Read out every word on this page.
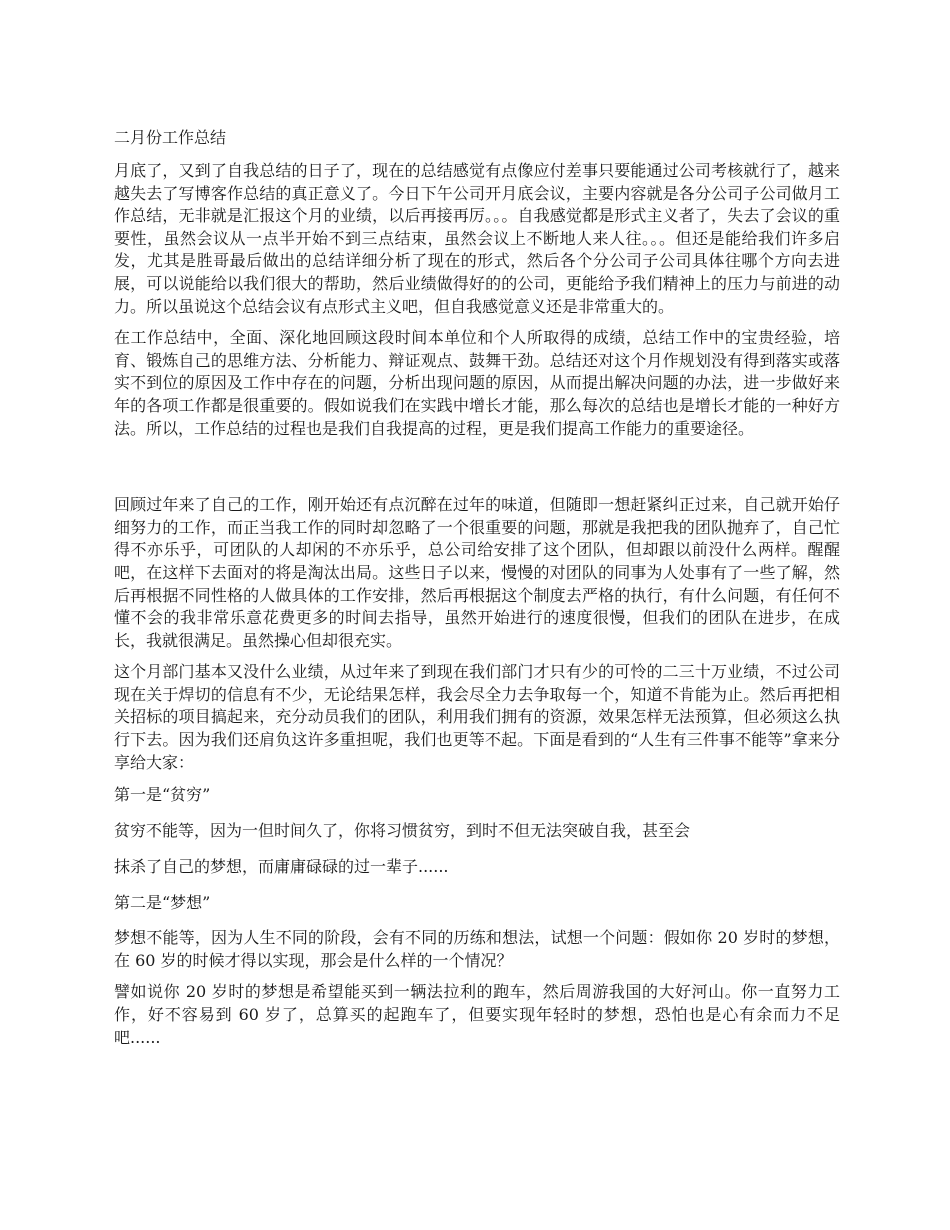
二月份工作总结

月底了，又到了自我总结的日子了，现在的总结感觉有点像应付差事只要能通过公司考核就行了，越来越失去了写博客作总结的真正意义了。今日下午公司开月底会议，主要内容就是各分公司子公司做月工作总结，无非就是汇报这个月的业绩，以后再接再厉。。。自我感觉都是形式主义者了，失去了会议的重要性，虽然会议从一点半开始不到三点结束，虽然会议上不断地人来人往。。。但还是能给我们许多启发，尤其是胜哥最后做出的总结详细分析了现在的形式，然后各个分公司子公司具体往哪个方向去进展，可以说能给以我们很大的帮助，然后业绩做得好的的公司，更能给予我们精神上的压力与前进的动力。所以虽说这个总结会议有点形式主义吧，但自我感觉意义还是非常重大的。

在工作总结中，全面、深化地回顾这段时间本单位和个人所取得的成绩，总结工作中的宝贵经验，培育、锻炼自己的思维方法、分析能力、辩证观点、鼓舞干劲。总结还对这个月作规划没有得到落实或落实不到位的原因及工作中存在的问题，分析出现问题的原因，从而提出解决问题的办法，进一步做好来年的各项工作都是很重要的。假如说我们在实践中增长才能，那么每次的总结也是增长才能的一种好方法。所以，工作总结的过程也是我们自我提高的过程，更是我们提高工作能力的重要途径。

回顾过年来了自己的工作，刚开始还有点沉醉在过年的味道，但随即一想赶紧纠正过来，自己就开始仔细努力的工作，而正当我工作的同时却忽略了一个很重要的问题，那就是我把我的团队抛弃了，自己忙得不亦乐乎，可团队的人却闲的不亦乐乎，总公司给安排了这个团队，但却跟以前没什么两样。醒醒吧，在这样下去面对的将是淘汰出局。这些日子以来，慢慢的对团队的同事为人处事有了一些了解，然后再根据不同性格的人做具体的工作安排，然后再根据这个制度去严格的执行，有什么问题，有任何不懂不会的我非常乐意花费更多的时间去指导，虽然开始进行的速度很慢，但我们的团队在进步，在成长，我就很满足。虽然操心但却很充实。

这个月部门基本又没什么业绩，从过年来了到现在我们部门才只有少的可怜的二三十万业绩，不过公司现在关于焊切的信息有不少，无论结果怎样，我会尽全力去争取每一个，知道不肯能为止。然后再把相关招标的项目搞起来，充分动员我们的团队，利用我们拥有的资源，效果怎样无法预算，但必须这么执行下去。因为我们还肩负这许多重担呢，我们也更等不起。下面是看到的“人生有三件事不能等”拿来分享给大家：

第一是“贫穷”

贫穷不能等，因为一但时间久了，你将习惯贫穷，到时不但无法突破自我，甚至会

抹杀了自己的梦想，而庸庸碌碌的过一辈子......

第二是“梦想”

梦想不能等，因为人生不同的阶段，会有不同的历练和想法，试想一个问题：假如你 20 岁时的梦想，在 60 岁的时候才得以实现，那会是什么样的一个情况？

譬如说你 20 岁时的梦想是希望能买到一辆法拉利的跑车，然后周游我国的大好河山。你一直努力工作，好不容易到 60 岁了，总算买的起跑车了，但要实现年轻时的梦想，恐怕也是心有余而力不足吧......
